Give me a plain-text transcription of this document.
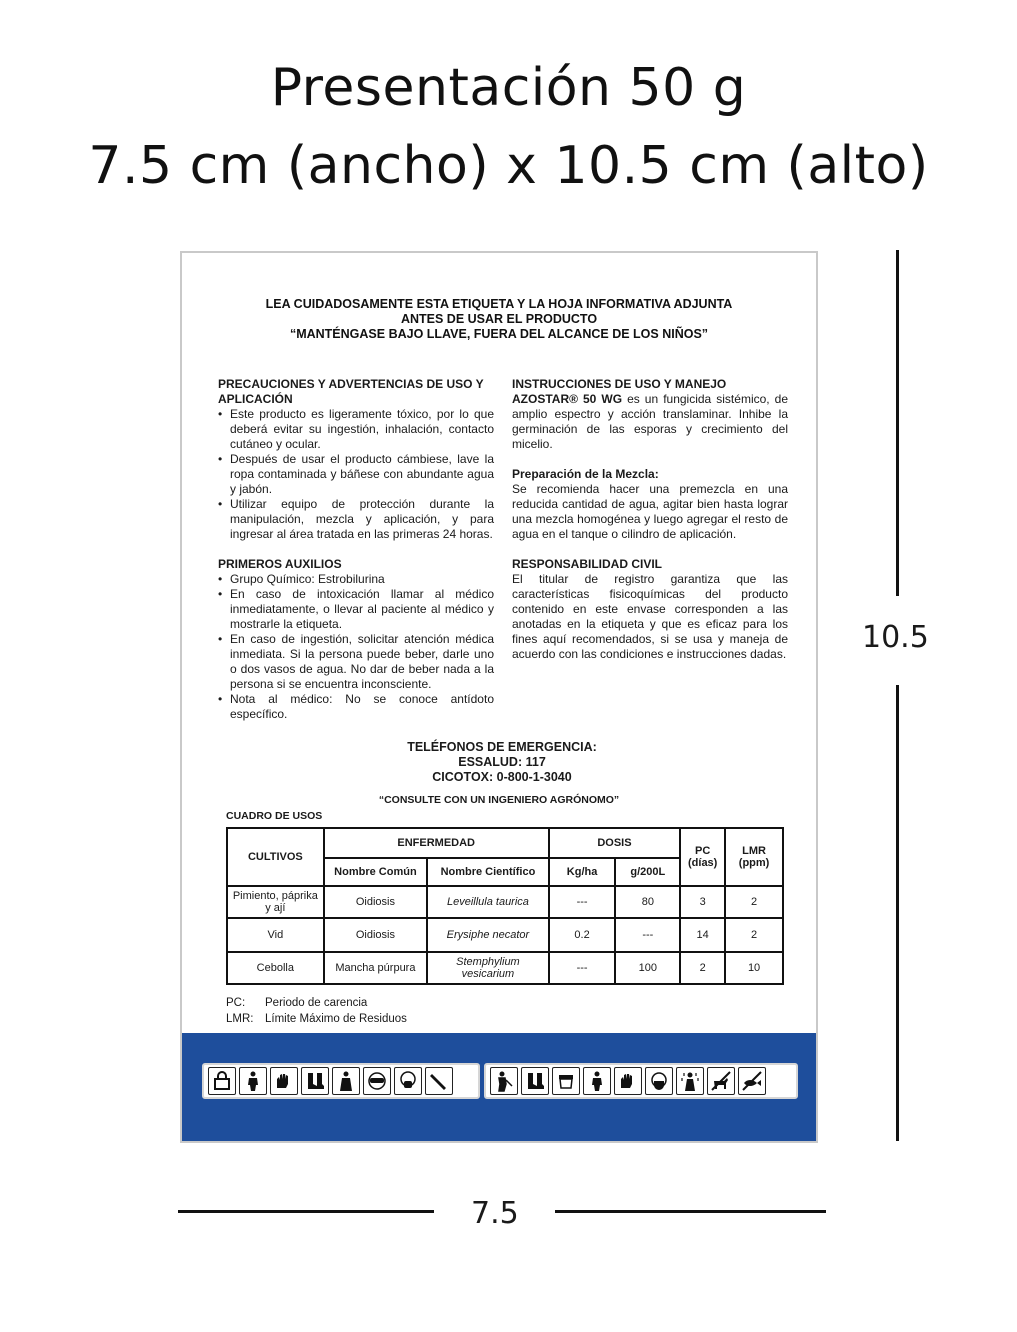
Presentación 50 g
7.5 cm (ancho) x 10.5 cm (alto)
10.5
7.5
LEA CUIDADOSAMENTE ESTA ETIQUETA Y LA HOJA INFORMATIVA ADJUNTA
ANTES DE USAR EL PRODUCTO
“MANTÉNGASE BAJO LLAVE, FUERA DEL ALCANCE DE LOS NIÑOS”

PRECAUCIONES Y ADVERTENCIAS DE USO Y APLICACIÓN

• Este producto es ligeramente tóxico, por lo que deberá evitar su ingestión, inhalación, contacto cutáneo y ocular.
• Después de usar el producto cámbiese, lave la ropa contaminada y báñese con abundante agua y jabón.
• Utilizar equipo de protección durante la manipulación, mezcla y aplicación, y para ingresar al área tratada en las primeras 24 horas.

PRIMEROS AUXILIOS

• Grupo Químico: Estrobilurina
• En caso de intoxicación llamar al médico inmediatamente, o llevar al paciente al médico y mostrarle la etiqueta.
• En caso de ingestión, solicitar atención médica inmediata. Si la persona puede beber, darle uno o dos vasos de agua. No dar de beber nada a la persona si se encuentra inconsciente.
• Nota al médico: No se conoce antídoto específico.

INSTRUCCIONES DE USO Y MANEJO

AZOSTAR® 50 WG es un fungicida sistémico, de amplio espectro y acción translaminar. Inhibe la germinación de las esporas y crecimiento del micelio.

Preparación de la Mezcla:

Se recomienda hacer una premezcla en una reducida cantidad de agua, agitar bien hasta lograr una mezcla homogénea y luego agregar el resto de agua en el tanque o cilindro de aplicación.

RESPONSABILIDAD CIVIL

El titular de registro garantiza que las características fisicoquímicas del producto contenido en este envase corresponden a las anotadas en la etiqueta y que es eficaz para los fines aquí recomendados, si se usa y maneja de acuerdo con las condiciones e instrucciones dadas.

TELÉFONOS DE EMERGENCIA:
ESSALUD: 117
CICOTOX: 0-800-1-3040
“CONSULTE CON UN INGENIERO AGRÓNOMO”
CUADRO DE USOS
CULTIVOS	ENFERMEDAD		DOSIS		PC (días)	LMR (ppm)
	Nombre Común	Nombre Científico	Kg/ha	g/200L		
Pimiento, páprika y ají	Oidiosis	Leveillula taurica	---	80	3	2
Vid	Oidiosis	Erysiphe necator	0.2	---	14	2
Cebolla	Mancha púrpura	Stemphylium vesicarium	---	100	2	10
PC: Periodo de carencia
LMR: Límite Máximo de Residuos
